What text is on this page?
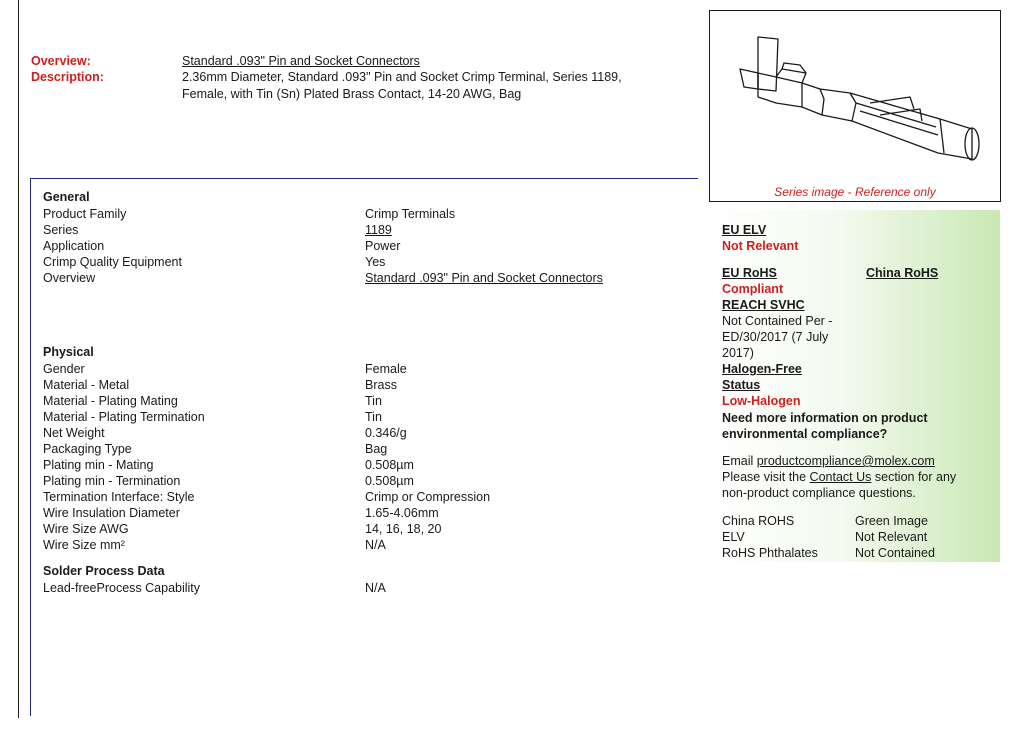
Overview:	Standard .093" Pin and Socket Connectors
Description:	2.36mm Diameter, Standard .093" Pin and Socket Crimp Terminal, Series 1189,
Female, with Tin (Sn) Plated Brass Contact, 14-20 AWG, Bag
Series image - Reference only
General
Product Family	Crimp Terminals
Series	1189
Application	Power
Crimp Quality Equipment	Yes
Overview	Standard .093" Pin and Socket Connectors
Physical
Gender	Female
Material - Metal	Brass
Material - Plating Mating	Tin
Material - Plating Termination	Tin
Net Weight	0.346/g
Packaging Type	Bag
Plating min - Mating	0.508µm
Plating min - Termination	0.508µm
Termination Interface: Style	Crimp or Compression
Wire Insulation Diameter	1.65-4.06mm
Wire Size AWG	14, 16, 18, 20
Wire Size mm²	N/A
Solder Process Data
Lead-freeProcess Capability	N/A
EU ELV
Not Relevant
EU RoHS	China RoHS
Compliant
REACH SVHC
Not Contained Per -
ED/30/2017 (7 July
2017)
Halogen-Free
Status
Low-Halogen
Need more information on product
environmental compliance?
Email productcompliance@molex.com
Please visit the Contact Us section for any
non-product compliance questions.
China ROHS	Green Image
ELV	Not Relevant
RoHS Phthalates	Not Contained
